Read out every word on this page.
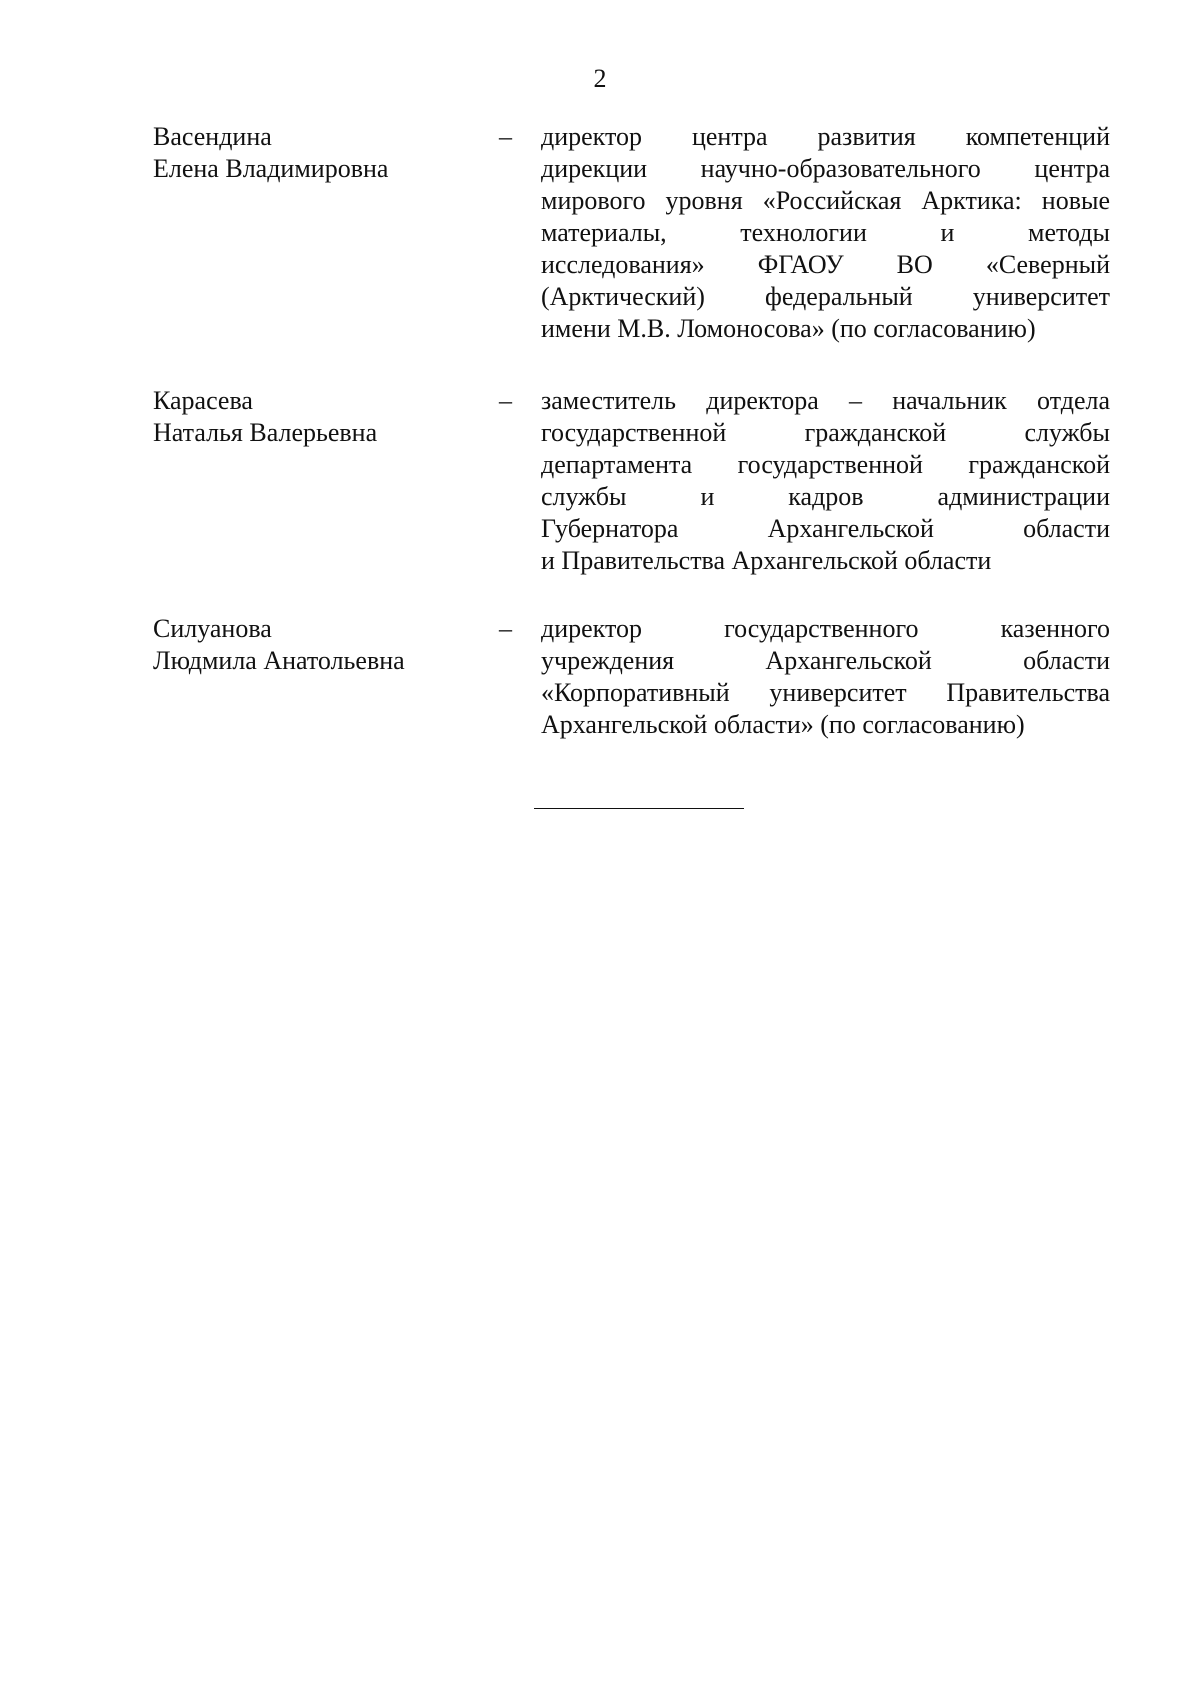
2
Васендина
Елена Владимировна
– директор центра развития компетенций
дирекции научно-образовательного центра
мирового уровня «Российская Арктика: новые
материалы, технологии и методы
исследования» ФГАОУ ВО «Северный
(Арктический) федеральный университет
имени М.В. Ломоносова» (по согласованию)
Карасева
Наталья Валерьевна
– заместитель директора – начальник отдела
государственной гражданской службы
департамента государственной гражданской
службы и кадров администрации
Губернатора Архангельской области
и Правительства Архангельской области
Силуанова
Людмила Анатольевна
– директор государственного казенного
учреждения Архангельской области
«Корпоративный университет Правительства
Архангельской области» (по согласованию)
